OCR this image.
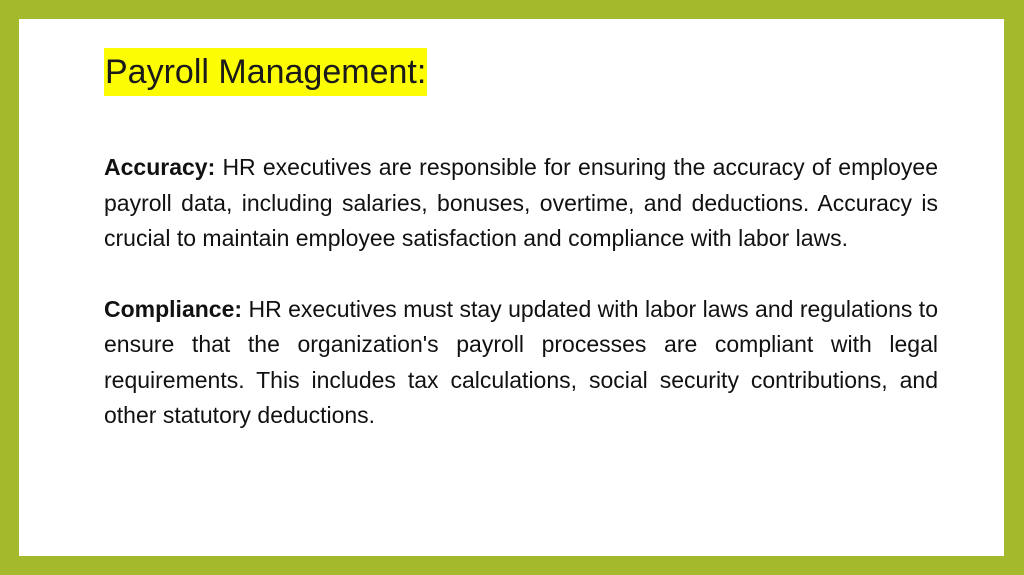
Payroll Management:

Accuracy: HR executives are responsible for ensuring the accuracy of employee payroll data, including salaries, bonuses, overtime, and deductions. Accuracy is crucial to maintain employee satisfaction and compliance with labor laws.

Compliance: HR executives must stay updated with labor laws and regulations to ensure that the organization's payroll processes are compliant with legal requirements. This includes tax calculations, social security contributions, and other statutory deductions.
